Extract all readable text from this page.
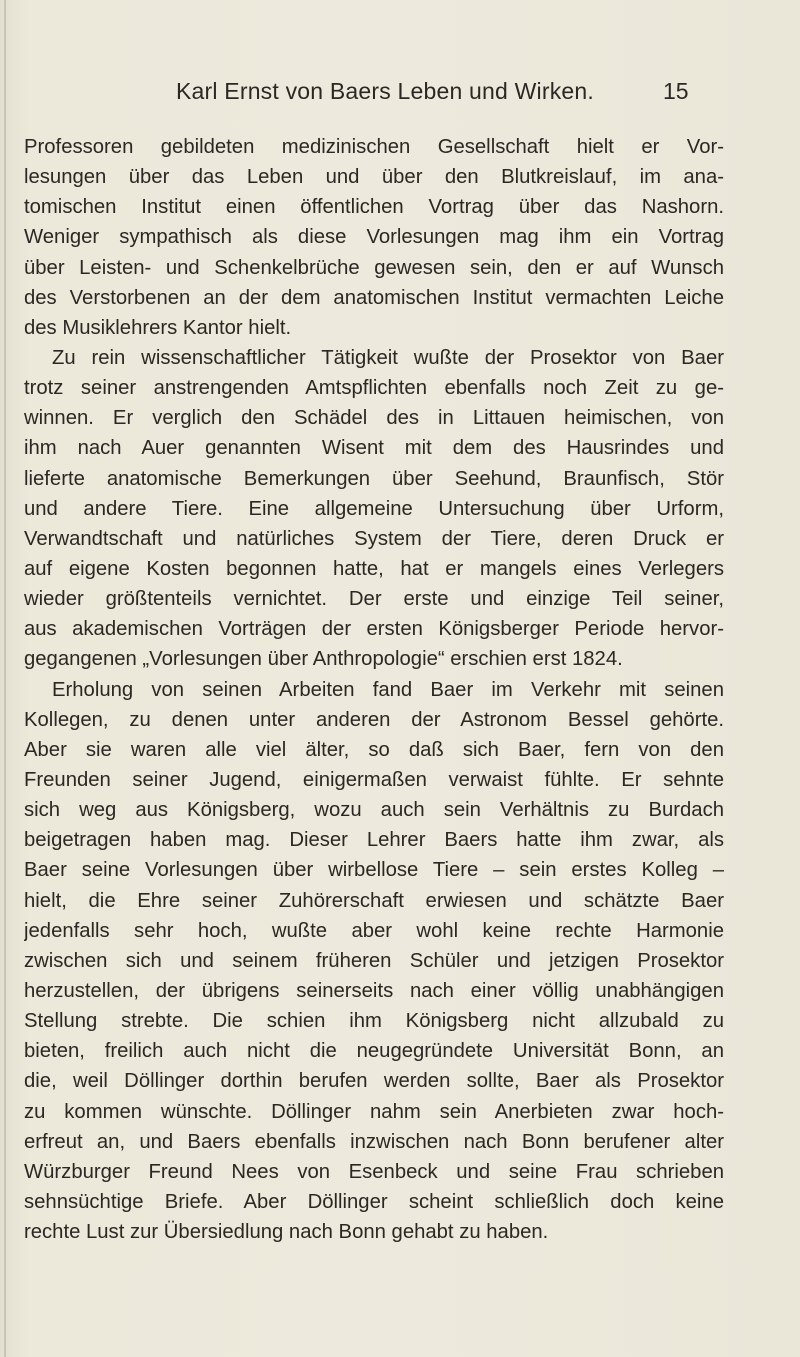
Karl Ernst von Baers Leben und Wirken.	15
Professoren gebildeten medizinischen Gesellschaft hielt er Vor-
lesungen über das Leben und über den Blutkreislauf, im ana-
tomischen Institut einen öffentlichen Vortrag über das Nashorn.
Weniger sympathisch als diese Vorlesungen mag ihm ein Vortrag
über Leisten- und Schenkelbrüche gewesen sein, den er auf Wunsch
des Verstorbenen an der dem anatomischen Institut vermachten Leiche
des Musiklehrers Kantor hielt.
Zu rein wissenschaftlicher Tätigkeit wußte der Prosektor von Baer
trotz seiner anstrengenden Amtspflichten ebenfalls noch Zeit zu ge-
winnen. Er verglich den Schädel des in Littauen heimischen, von
ihm nach Auer genannten Wisent mit dem des Hausrindes und
lieferte anatomische Bemerkungen über Seehund, Braunfisch, Stör
und andere Tiere. Eine allgemeine Untersuchung über Urform,
Verwandtschaft und natürliches System der Tiere, deren Druck er
auf eigene Kosten begonnen hatte, hat er mangels eines Verlegers
wieder größtenteils vernichtet. Der erste und einzige Teil seiner,
aus akademischen Vorträgen der ersten Königsberger Periode hervor-
gegangenen „Vorlesungen über Anthropologie“ erschien erst 1824.
Erholung von seinen Arbeiten fand Baer im Verkehr mit seinen
Kollegen, zu denen unter anderen der Astronom Bessel gehörte.
Aber sie waren alle viel älter, so daß sich Baer, fern von den
Freunden seiner Jugend, einigermaßen verwaist fühlte. Er sehnte
sich weg aus Königsberg, wozu auch sein Verhältnis zu Burdach
beigetragen haben mag. Dieser Lehrer Baers hatte ihm zwar, als
Baer seine Vorlesungen über wirbellose Tiere – sein erstes Kolleg –
hielt, die Ehre seiner Zuhörerschaft erwiesen und schätzte Baer
jedenfalls sehr hoch, wußte aber wohl keine rechte Harmonie
zwischen sich und seinem früheren Schüler und jetzigen Prosektor
herzustellen, der übrigens seinerseits nach einer völlig unabhängigen
Stellung strebte. Die schien ihm Königsberg nicht allzubald zu
bieten, freilich auch nicht die neugegründete Universität Bonn, an
die, weil Döllinger dorthin berufen werden sollte, Baer als Prosektor
zu kommen wünschte. Döllinger nahm sein Anerbieten zwar hoch-
erfreut an, und Baers ebenfalls inzwischen nach Bonn berufener alter
Würzburger Freund Nees von Esenbeck und seine Frau schrieben
sehnsüchtige Briefe. Aber Döllinger scheint schließlich doch keine
rechte Lust zur Übersiedlung nach Bonn gehabt zu haben.
